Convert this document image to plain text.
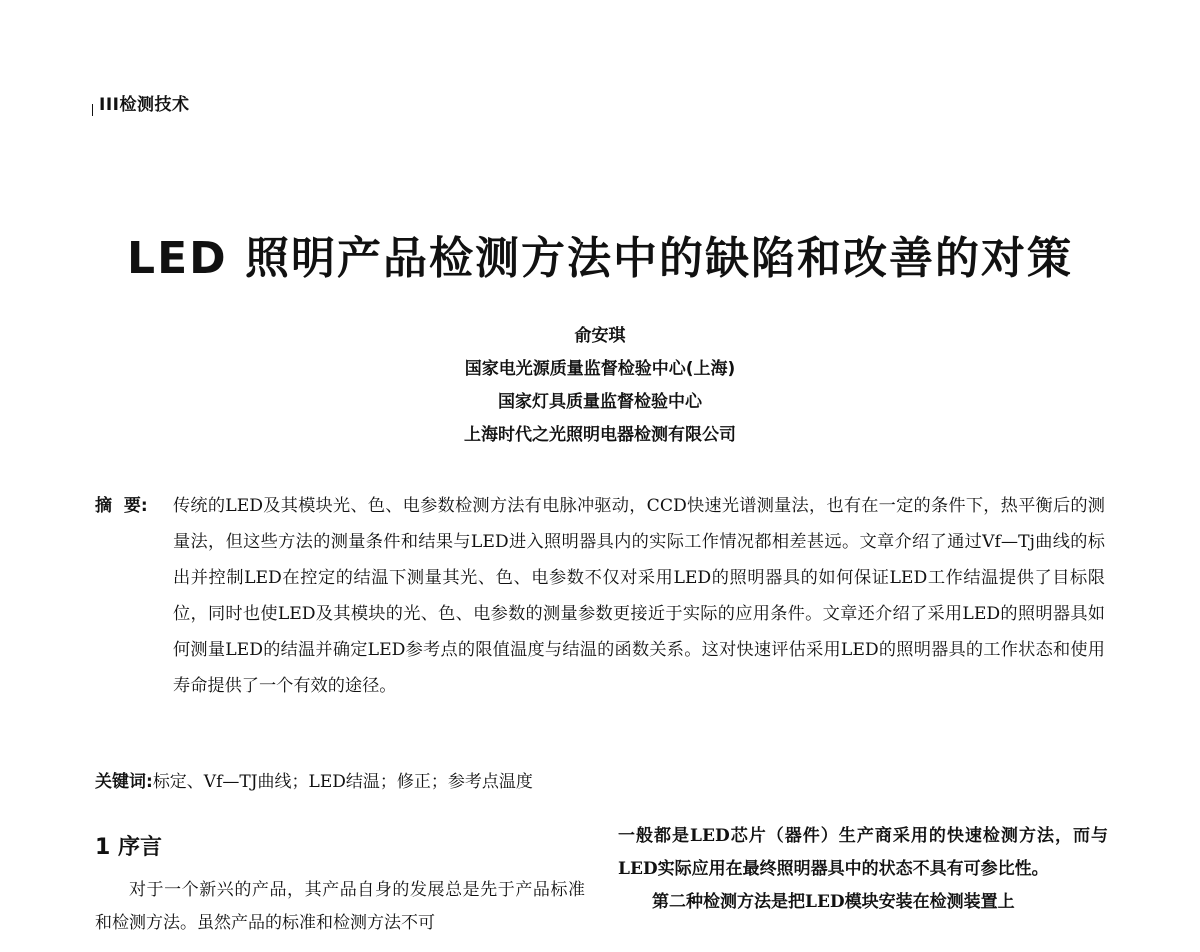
III检测技术
LED 照明产品检测方法中的缺陷和改善的对策
俞安琪
国家电光源质量监督检验中心(上海)
国家灯具质量监督检验中心
上海时代之光照明电器检测有限公司
摘  要:	传统的LED及其模块光、色、电参数检测方法有电脉冲驱动，CCD快速光谱测量法，也有在一定的条件下，热平衡后的测量法，但这些方法的测量条件和结果与LED进入照明器具内的实际工作情况都相差甚远。文章介绍了通过Vf—Tj曲线的标出并控制LED在控定的结温下测量其光、色、电参数不仅对采用LED的照明器具的如何保证LED工作结温提供了目标限位，同时也使LED及其模块的光、色、电参数的测量参数更接近于实际的应用条件。文章还介绍了采用LED的照明器具如何测量LED的结温并确定LED参考点的限值温度与结温的函数关系。这对快速评估采用LED的照明器具的工作状态和使用寿命提供了一个有效的途径。
关键词:标定、Vf—TJ曲线；LED结温；修正；参考点温度
1 序言

对于一个新兴的产品，其产品自身的发展总是先于产品标准和检测方法。虽然产品的标准和检测方法不可

一般都是LED芯片（器件）生产商采用的快速检测方法，而与LED实际应用在最终照明器具中的状态不具有可参比性。

第二种检测方法是把LED模块安装在检测装置上
